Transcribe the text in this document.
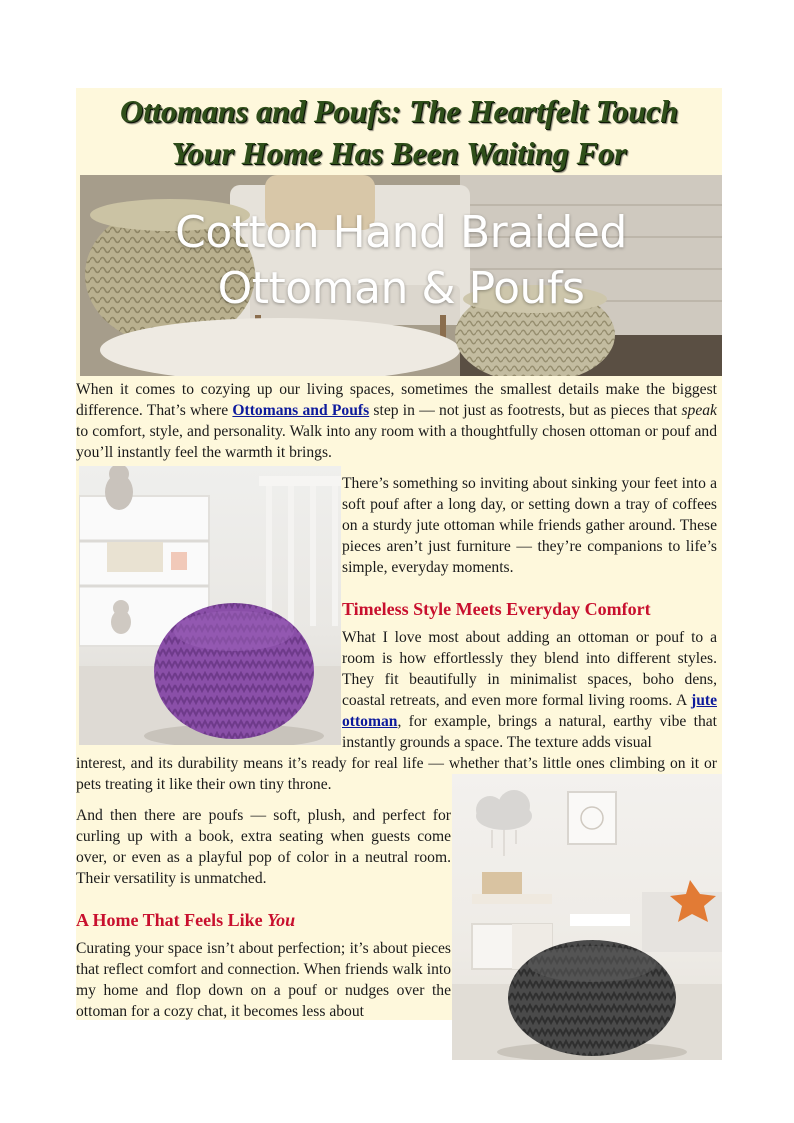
Ottomans and Poufs: The Heartfelt Touch
Your Home Has Been Waiting For
Cotton Hand Braided
Ottoman & Poufs

When it comes to cozying up our living spaces, sometimes the smallest details make the biggest difference. That’s where Ottomans and Poufs step in — not just as footrests, but as pieces that speak to comfort, style, and personality. Walk into any room with a thoughtfully chosen ottoman or pouf and you’ll instantly feel the warmth it brings.

There’s something so inviting about sinking your feet into a soft pouf after a long day, or setting down a tray of coffees on a sturdy jute ottoman while friends gather around. These pieces aren’t just furniture — they’re companions to life’s simple, everyday moments.

Timeless Style Meets Everyday Comfort

What I love most about adding an ottoman or pouf to a room is how effortlessly they blend into different styles. They fit beautifully in minimalist spaces, boho dens, coastal retreats, and even more formal living rooms. A jute ottoman, for example, brings a natural, earthy vibe that instantly grounds a space. The texture adds visual

interest, and its durability means it’s ready for real life — whether that’s little ones climbing on it or pets treating it like their own tiny throne.

And then there are poufs — soft, plush, and perfect for curling up with a book, extra seating when guests come over, or even as a playful pop of color in a neutral room. Their versatility is unmatched.

A Home That Feels Like You

Curating your space isn’t about perfection; it’s about pieces that reflect comfort and connection. When friends walk into my home and flop down on a pouf or nudges over the ottoman for a cozy chat, it becomes less about
